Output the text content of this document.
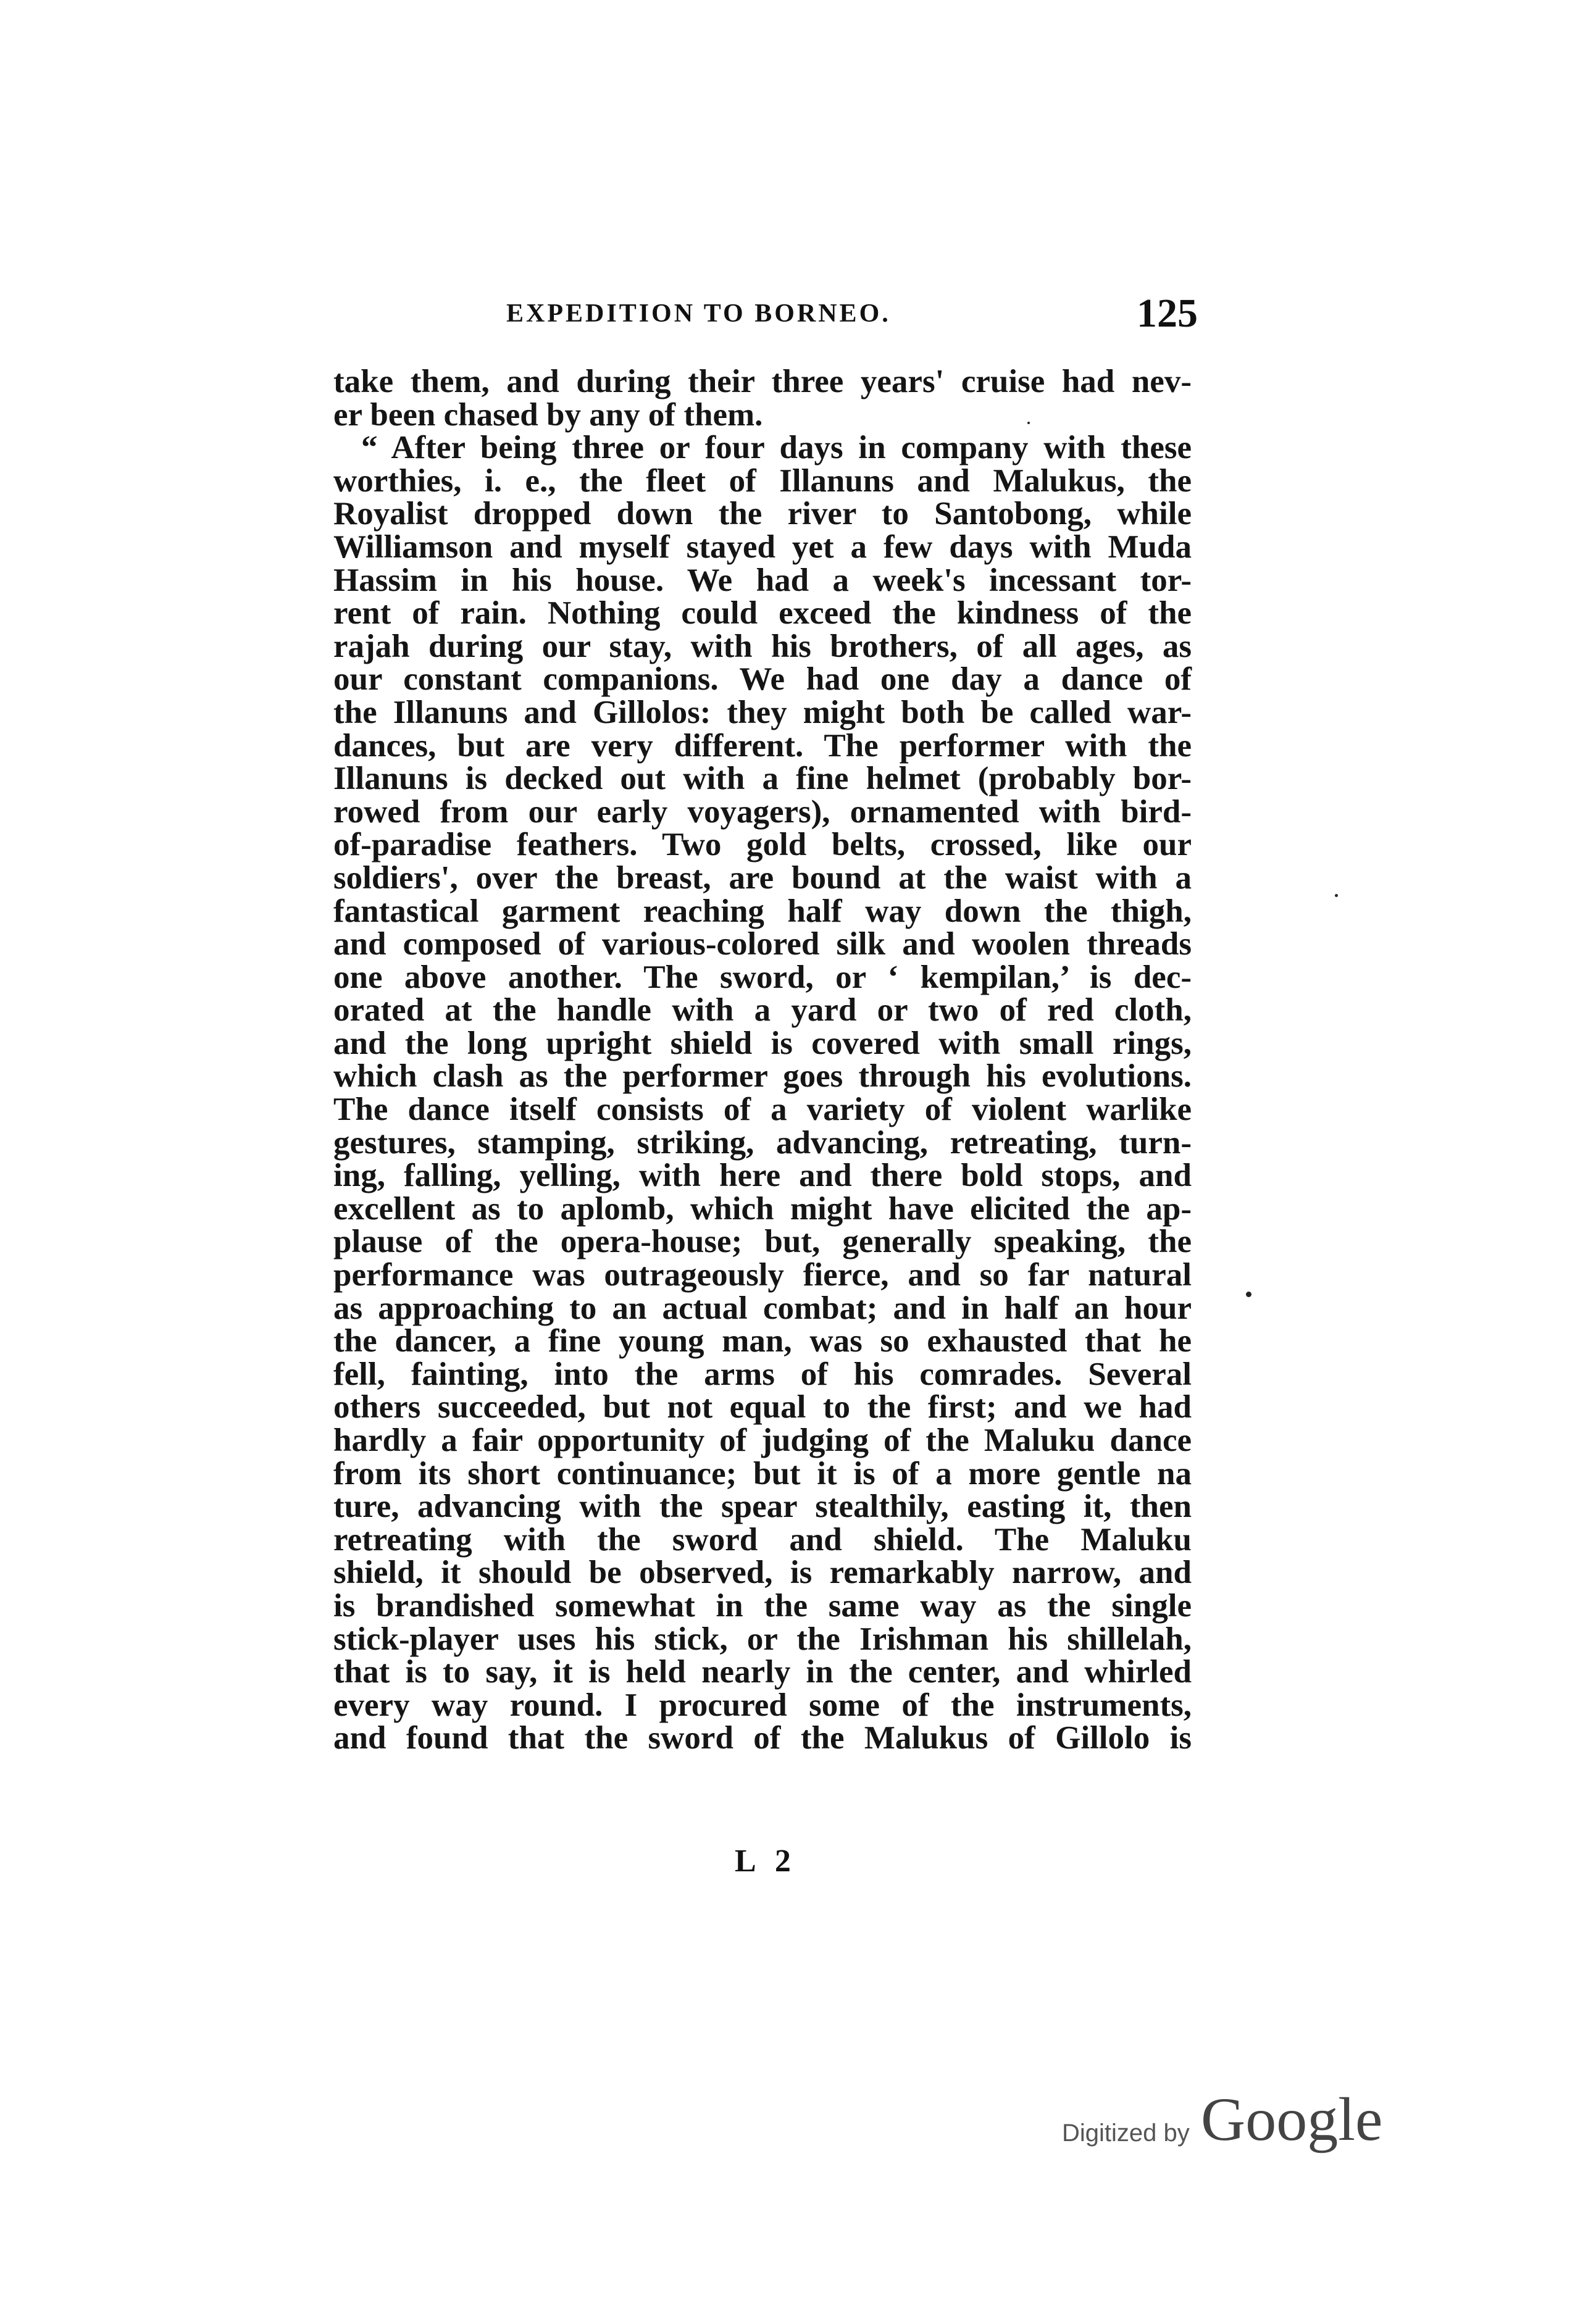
EXPEDITION TO BORNEO.	125
take them, and during their three years' cruise had nev-
er been chased by any of them.
“ After being three or four days in company with these
worthies, i. e., the fleet of Illanuns and Malukus, the
Royalist dropped down the river to Santobong, while
Williamson and myself stayed yet a few days with Muda
Hassim in his house. We had a week's incessant tor-
rent of rain. Nothing could exceed the kindness of the
rajah during our stay, with his brothers, of all ages, as
our constant companions. We had one day a dance of
the Illanuns and Gillolos: they might both be called war-
dances, but are very different. The performer with the
Illanuns is decked out with a fine helmet (probably bor-
rowed from our early voyagers), ornamented with bird-
of-paradise feathers. Two gold belts, crossed, like our
soldiers', over the breast, are bound at the waist with a
fantastical garment reaching half way down the thigh,
and composed of various-colored silk and woolen threads
one above another. The sword, or ‘ kempilan,’ is dec-
orated at the handle with a yard or two of red cloth,
and the long upright shield is covered with small rings,
which clash as the performer goes through his evolutions.
The dance itself consists of a variety of violent warlike
gestures, stamping, striking, advancing, retreating, turn-
ing, falling, yelling, with here and there bold stops, and
excellent as to aplomb, which might have elicited the ap-
plause of the opera-house; but, generally speaking, the
performance was outrageously fierce, and so far natural
as approaching to an actual combat; and in half an hour
the dancer, a fine young man, was so exhausted that he
fell, fainting, into the arms of his comrades. Several
others succeeded, but not equal to the first; and we had
hardly a fair opportunity of judging of the Maluku dance
from its short continuance; but it is of a more gentle na
ture, advancing with the spear stealthily, easting it, then
retreating with the sword and shield. The Maluku
shield, it should be observed, is remarkably narrow, and
is brandished somewhat in the same way as the single
stick-player uses his stick, or the Irishman his shillelah,
that is to say, it is held nearly in the center, and whirled
every way round. I procured some of the instruments,
and found that the sword of the Malukus of Gillolo is
L 2
Digitized by Google
